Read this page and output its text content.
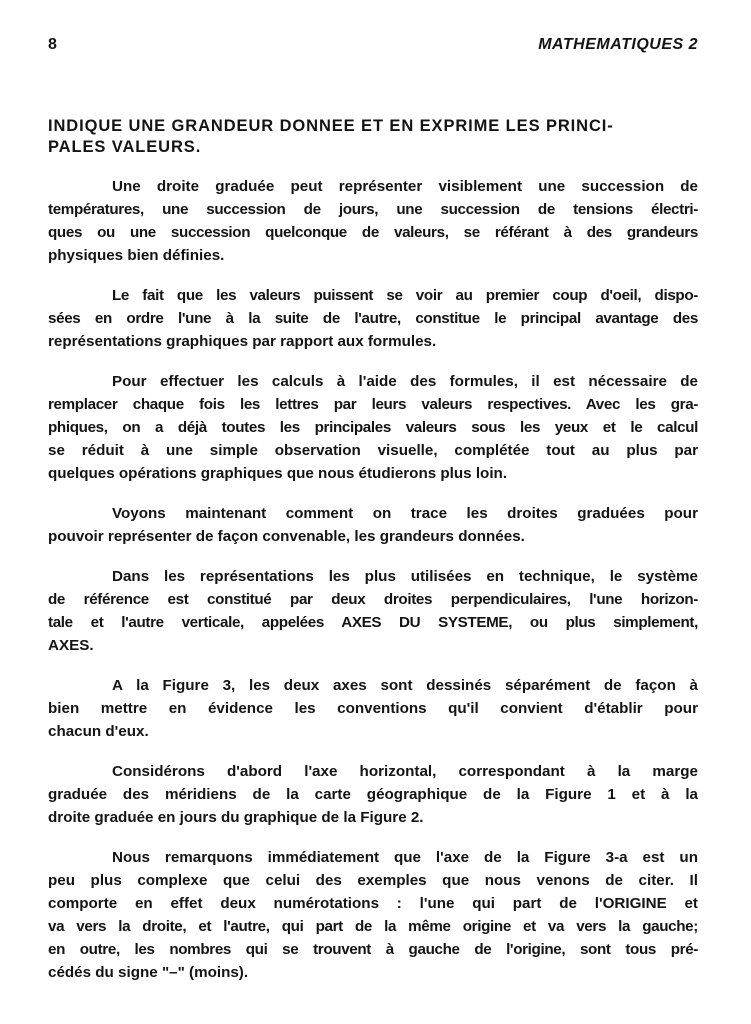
8	MATHEMATIQUES 2
INDIQUE UNE GRANDEUR DONNEE ET EN EXPRIME LES PRINCI-
PALES VALEURS.
Une droite graduée peut représenter visiblement une succession de
températures, une succession de jours, une succession de tensions électri-
ques ou une succession quelconque de valeurs, se référant à des grandeurs
physiques bien définies.
Le fait que les valeurs puissent se voir au premier coup d'oeil, dispo-
sées en ordre l'une à la suite de l'autre, constitue le principal avantage des
représentations graphiques par rapport aux formules.
Pour effectuer les calculs à l'aide des formules, il est nécessaire de
remplacer chaque fois les lettres par leurs valeurs respectives. Avec les gra-
phiques, on a déjà toutes les principales valeurs sous les yeux et le calcul
se réduit à une simple observation visuelle, complétée tout au plus par
quelques opérations graphiques que nous étudierons plus loin.
Voyons maintenant comment on trace les droites graduées pour
pouvoir représenter de façon convenable, les grandeurs données.
Dans les représentations les plus utilisées en technique, le système
de référence est constitué par deux droites perpendiculaires, l'une horizon-
tale et l'autre verticale, appelées AXES DU SYSTEME, ou plus simplement,
AXES.
A la Figure 3, les deux axes sont dessinés séparément de façon à
bien mettre en évidence les conventions qu'il convient d'établir pour
chacun d'eux.
Considérons d'abord l'axe horizontal, correspondant à la marge
graduée des méridiens de la carte géographique de la Figure 1 et à la
droite graduée en jours du graphique de la Figure 2.
Nous remarquons immédiatement que l'axe de la Figure 3-a est un
peu plus complexe que celui des exemples que nous venons de citer. Il
comporte en effet deux numérotations : l'une qui part de l'ORIGINE et
va vers la droite, et l'autre, qui part de la même origine et va vers la gauche;
en outre, les nombres qui se trouvent à gauche de l'origine, sont tous pré-
cédés du signe "–" (moins).
